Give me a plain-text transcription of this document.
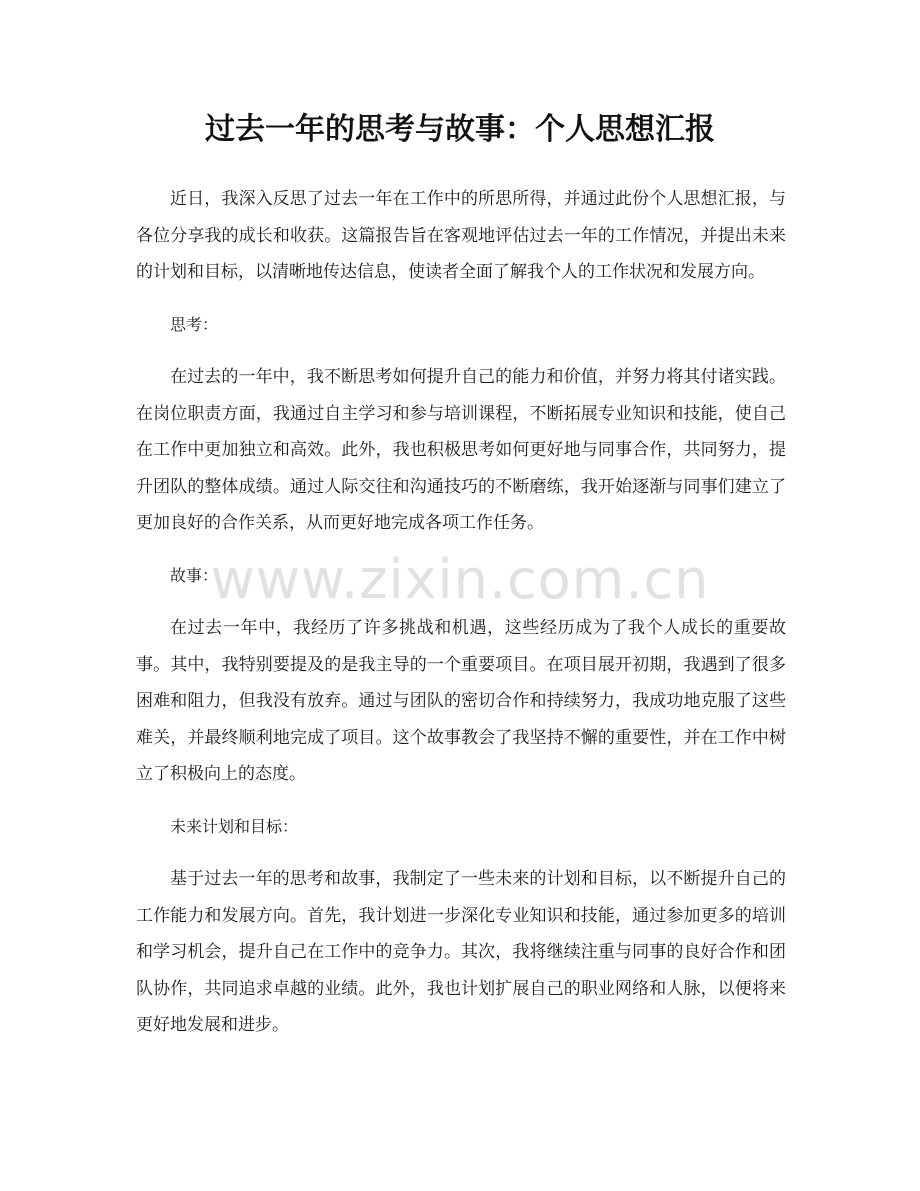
过去一年的思考与故事：个人思想汇报

近日，我深入反思了过去一年在工作中的所思所得，并通过此份个人思想汇报，与各位分享我的成长和收获。这篇报告旨在客观地评估过去一年的工作情况，并提出未来的计划和目标，以清晰地传达信息，使读者全面了解我个人的工作状况和发展方向。

思考：

在过去的一年中，我不断思考如何提升自己的能力和价值，并努力将其付诸实践。在岗位职责方面，我通过自主学习和参与培训课程，不断拓展专业知识和技能，使自己在工作中更加独立和高效。此外，我也积极思考如何更好地与同事合作，共同努力，提升团队的整体成绩。通过人际交往和沟通技巧的不断磨练，我开始逐渐与同事们建立了更加良好的合作关系，从而更好地完成各项工作任务。

故事：

在过去一年中，我经历了许多挑战和机遇，这些经历成为了我个人成长的重要故事。其中，我特别要提及的是我主导的一个重要项目。在项目展开初期，我遇到了很多困难和阻力，但我没有放弃。通过与团队的密切合作和持续努力，我成功地克服了这些难关，并最终顺利地完成了项目。这个故事教会了我坚持不懈的重要性，并在工作中树立了积极向上的态度。

未来计划和目标：

基于过去一年的思考和故事，我制定了一些未来的计划和目标，以不断提升自己的工作能力和发展方向。首先，我计划进一步深化专业知识和技能，通过参加更多的培训和学习机会，提升自己在工作中的竞争力。其次，我将继续注重与同事的良好合作和团队协作，共同追求卓越的业绩。此外，我也计划扩展自己的职业网络和人脉，以便将来更好地发展和进步。

www.zixin.com.cn
